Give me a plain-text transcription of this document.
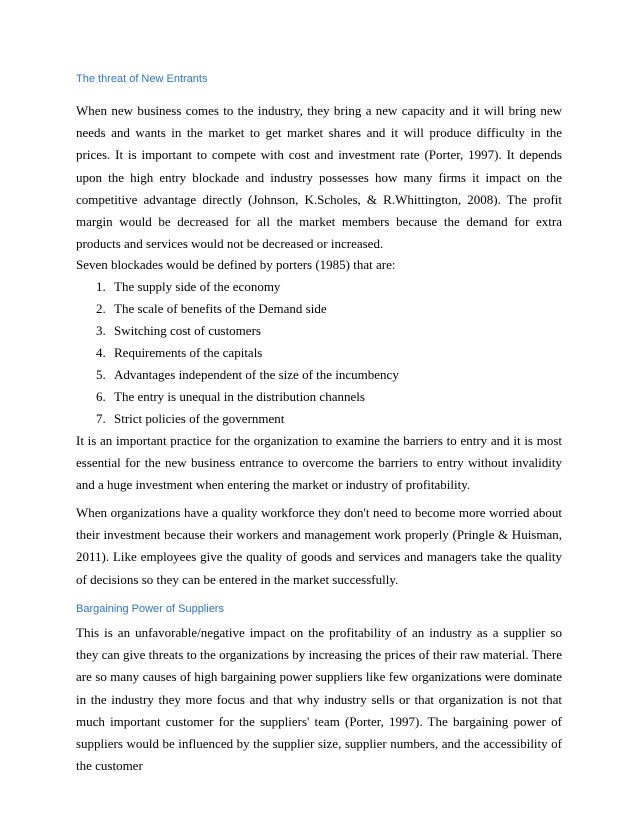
The threat of New Entrants

When new business comes to the industry, they bring a new capacity and it will bring new needs and wants in the market to get market shares and it will produce difficulty in the prices. It is important to compete with cost and investment rate (Porter, 1997). It depends upon the high entry blockade and industry possesses how many firms it impact on the competitive advantage directly (Johnson, K.Scholes, & R.Whittington, 2008). The profit margin would be decreased for all the market members because the demand for extra products and services would not be decreased or increased.

Seven blockades would be defined by porters (1985) that are:

1. The supply side of the economy
2. The scale of benefits of the Demand side
3. Switching cost of customers
4. Requirements of the capitals
5. Advantages independent of the size of the incumbency
6. The entry is unequal in the distribution channels
7. Strict policies of the government

It is an important practice for the organization to examine the barriers to entry and it is most essential for the new business entrance to overcome the barriers to entry without invalidity and a huge investment when entering the market or industry of profitability.

When organizations have a quality workforce they don't need to become more worried about their investment because their workers and management work properly (Pringle & Huisman, 2011). Like employees give the quality of goods and services and managers take the quality of decisions so they can be entered in the market successfully.

Bargaining Power of Suppliers

This is an unfavorable/negative impact on the profitability of an industry as a supplier so they can give threats to the organizations by increasing the prices of their raw material. There are so many causes of high bargaining power suppliers like few organizations were dominate in the industry they more focus and that why industry sells or that organization is not that much important customer for the suppliers' team (Porter, 1997). The bargaining power of suppliers would be influenced by the supplier size, supplier numbers, and the accessibility of the customer
